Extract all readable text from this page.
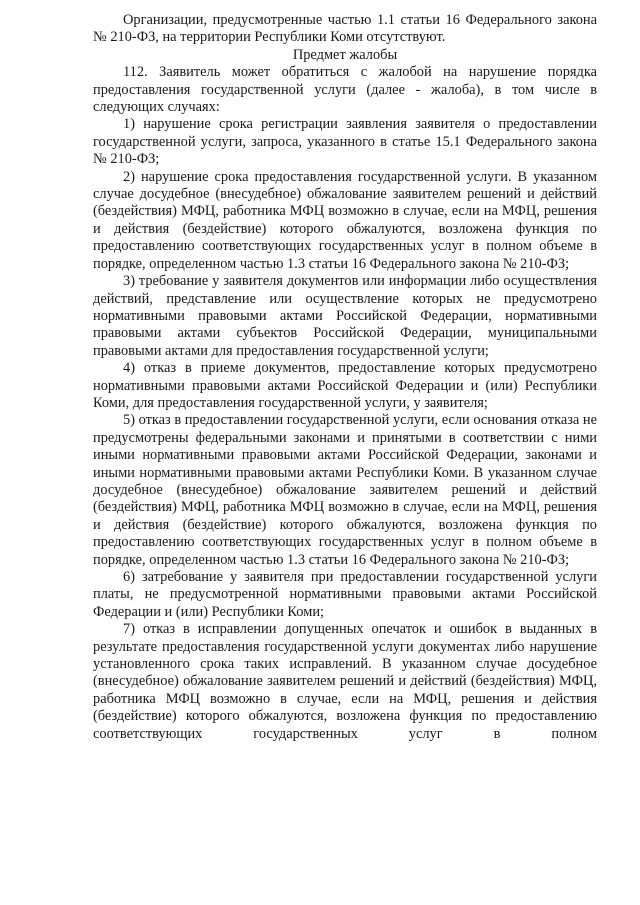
Организации, предусмотренные частью 1.1 статьи 16 Федерального закона № 210-ФЗ, на территории Республики Коми отсутствуют.

Предмет жалобы

112. Заявитель может обратиться с жалобой на нарушение порядка предоставления государственной услуги (далее - жалоба), в том числе в следующих случаях:

1) нарушение срока регистрации заявления заявителя о предоставлении государственной услуги, запроса, указанного в статье 15.1 Федерального закона № 210-ФЗ;

2) нарушение срока предоставления государственной услуги. В указанном случае досудебное (внесудебное) обжалование заявителем решений и действий (бездействия) МФЦ, работника МФЦ возможно в случае, если на МФЦ, решения и действия (бездействие) которого обжалуются, возложена функция по предоставлению соответствующих государственных услуг в полном объеме в порядке, определенном частью 1.3 статьи 16 Федерального закона № 210-ФЗ;

3) требование у заявителя документов или информации либо осуществления действий, представление или осуществление которых не предусмотрено нормативными правовыми актами Российской Федерации, нормативными правовыми актами субъектов Российской Федерации, муниципальными правовыми актами для предоставления государственной услуги;

4) отказ в приеме документов, предоставление которых предусмотрено нормативными правовыми актами Российской Федерации и (или) Республики Коми, для предоставления государственной услуги, у заявителя;

5) отказ в предоставлении государственной услуги, если основания отказа не предусмотрены федеральными законами и принятыми в соответствии с ними иными нормативными правовыми актами Российской Федерации, законами и иными нормативными правовыми актами Республики Коми. В указанном случае досудебное (внесудебное) обжалование заявителем решений и действий (бездействия) МФЦ, работника МФЦ возможно в случае, если на МФЦ, решения и действия (бездействие) которого обжалуются, возложена функция по предоставлению соответствующих государственных услуг в полном объеме в порядке, определенном частью 1.3 статьи 16 Федерального закона № 210-ФЗ;

6) затребование у заявителя при предоставлении государственной услуги платы, не предусмотренной нормативными правовыми актами Российской Федерации и (или) Республики Коми;

7) отказ в исправлении допущенных опечаток и ошибок в выданных в результате предоставления государственной услуги документах либо нарушение установленного срока таких исправлений. В указанном случае досудебное (внесудебное) обжалование заявителем решений и действий (бездействия) МФЦ, работника МФЦ возможно в случае, если на МФЦ, решения и действия (бездействие) которого обжалуются, возложена функция по предоставлению соответствующих государственных услуг в полном
